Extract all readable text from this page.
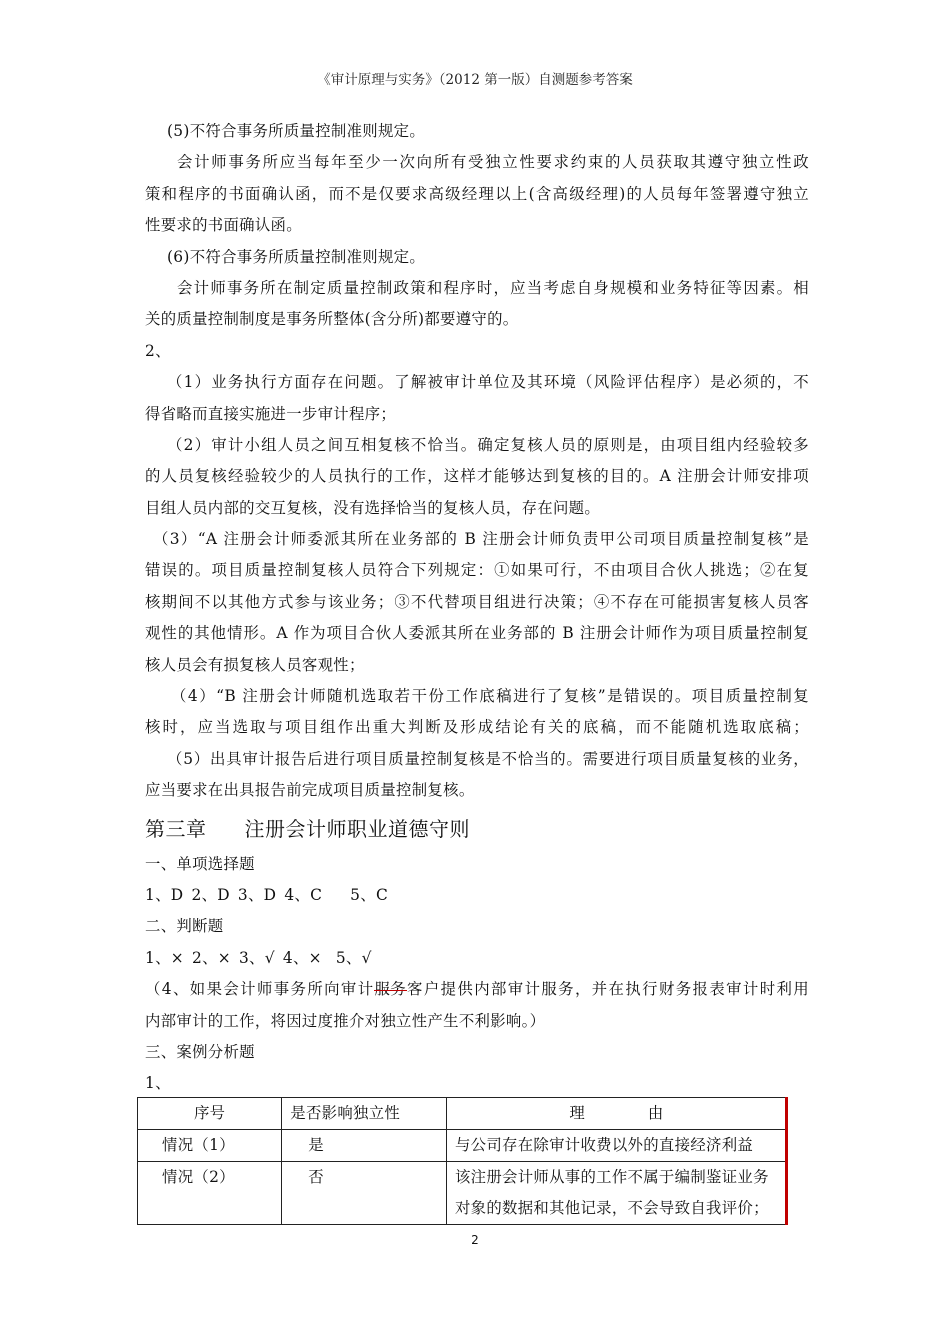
《审计原理与实务》（2012 第一版）自测题参考答案
(5)不符合事务所质量控制准则规定。
会计师事务所应当每年至少一次向所有受独立性要求约束的人员获取其遵守独立性政
策和程序的书面确认函，而不是仅要求高级经理以上(含高级经理)的人员每年签署遵守独立
性要求的书面确认函。
(6)不符合事务所质量控制准则规定。
会计师事务所在制定质量控制政策和程序时，应当考虑自身规模和业务特征等因素。相
关的质量控制制度是事务所整体(含分所)都要遵守的。
2、
（1）业务执行方面存在问题。了解被审计单位及其环境（风险评估程序）是必须的，不
得省略而直接实施进一步审计程序；
（2）审计小组人员之间互相复核不恰当。确定复核人员的原则是，由项目组内经验较多
的人员复核经验较少的人员执行的工作，这样才能够达到复核的目的。A 注册会计师安排项
目组人员内部的交互复核，没有选择恰当的复核人员，存在问题。
（3）“A 注册会计师委派其所在业务部的 B 注册会计师负责甲公司项目质量控制复核”是
错误的。项目质量控制复核人员符合下列规定：①如果可行，不由项目合伙人挑选；②在复
核期间不以其他方式参与该业务；③不代替项目组进行决策；④不存在可能损害复核人员客
观性的其他情形。A 作为项目合伙人委派其所在业务部的 B 注册会计师作为项目质量控制复
核人员会有损复核人员客观性；
（4）“B 注册会计师随机选取若干份工作底稿进行了复核”是错误的。项目质量控制复
核时，应当选取与项目组作出重大判断及形成结论有关的底稿，而不能随机选取底稿；
（5）出具审计报告后进行项目质量控制复核是不恰当的。需要进行项目质量复核的业务，
应当要求在出具报告前完成项目质量控制复核。
第三章 注册会计师职业道德守则
一、单项选择题
1、D 2、D 3、D 4、C 5、C
二、判断题
1、× 2、× 3、√ 4、× 5、√
（4、如果会计师事务所向审计服务客户提供内部审计服务，并在执行财务报表审计时利用
内部审计的工作，将因过度推介对独立性产生不利影响。）
三、案例分析题
1、
序号	是否影响独立性	理　　　　由
情况（1）	是	与公司存在除审计收费以外的直接经济利益
情况（2）	否	该注册会计师从事的工作不属于编制鉴证业务
对象的数据和其他记录，不会导致自我评价；
2
